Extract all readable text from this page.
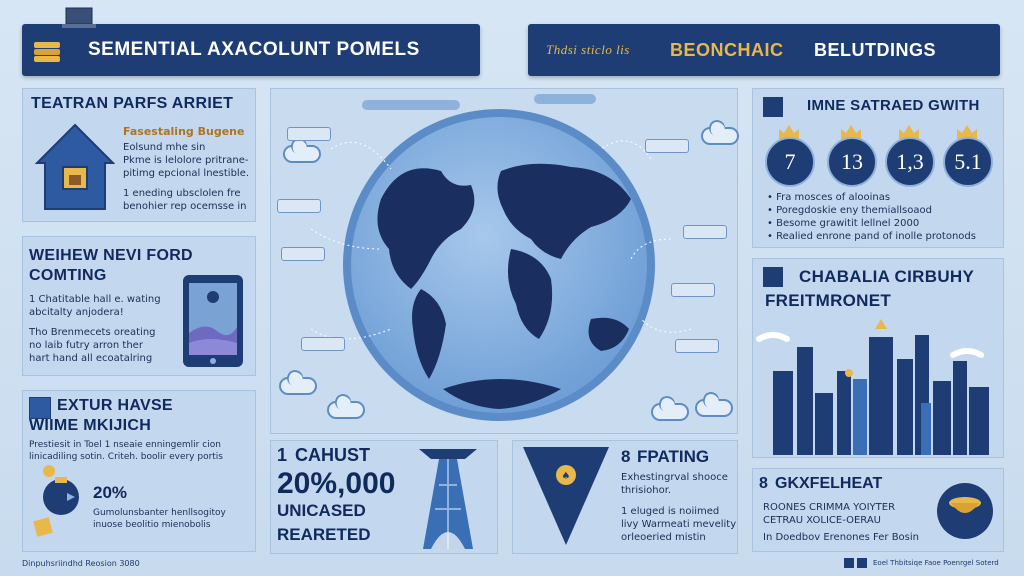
SEMENTIAL AXACOLUNT POMELS	Thdsi sticlo lis BEONCHAIC BELUTDINGS
TEATRAN PARFS ARRIET
Fasestaling Bugene
Eolsund mhe sin
Pkme is lelolore pritrane-
pitimg epcional lnestible.
1 eneding ubsclolen fre
benohier rep ocemsse in
WEIHEW NEVI FORD
COMTING
1 Chatitable hall e. wating
abcitalty anjodera!
Tho Brenmecets oreating
no laib futry arron ther
hart hand all ecoatalring
EXTUR HAVSE
WIIME MKIJICH
Prestiesit in Toel 1 nseaie enningemlir cion
linicadiling sotin. Criteh. boolir every portis
20%
Gumolunsbanter henllsogitoy
inuose beolitio mienobolis
1 CAHUST
20%,000
UNICASED
REARETED
♠
8 FPATING
Exhestingrval shooce
thrisiohor.
1 eluged is noiimed
livy Warmeati mevelity
orleoeried mistin
IMNE SATRAED GWITH
7	13	1,3	5.1
• Fra mosces of alooinas
• Poregdoskie eny themiallsoaod
• Besome grawitit lellnel 2000
• Realied enrone pand of inolle protonods
CHABALIA CIRBUHY
FREITMRONET
8 GKXFELHEAT
ROONES CRIMMA YOIYTER
CETRAU XOLICE-OERAU
In Doedbov Erenones Fer Bosin
Dinpuhsriindhd Reosion 3080	Eoel Thbitsiqe Faoe Poenrgel Soterd
